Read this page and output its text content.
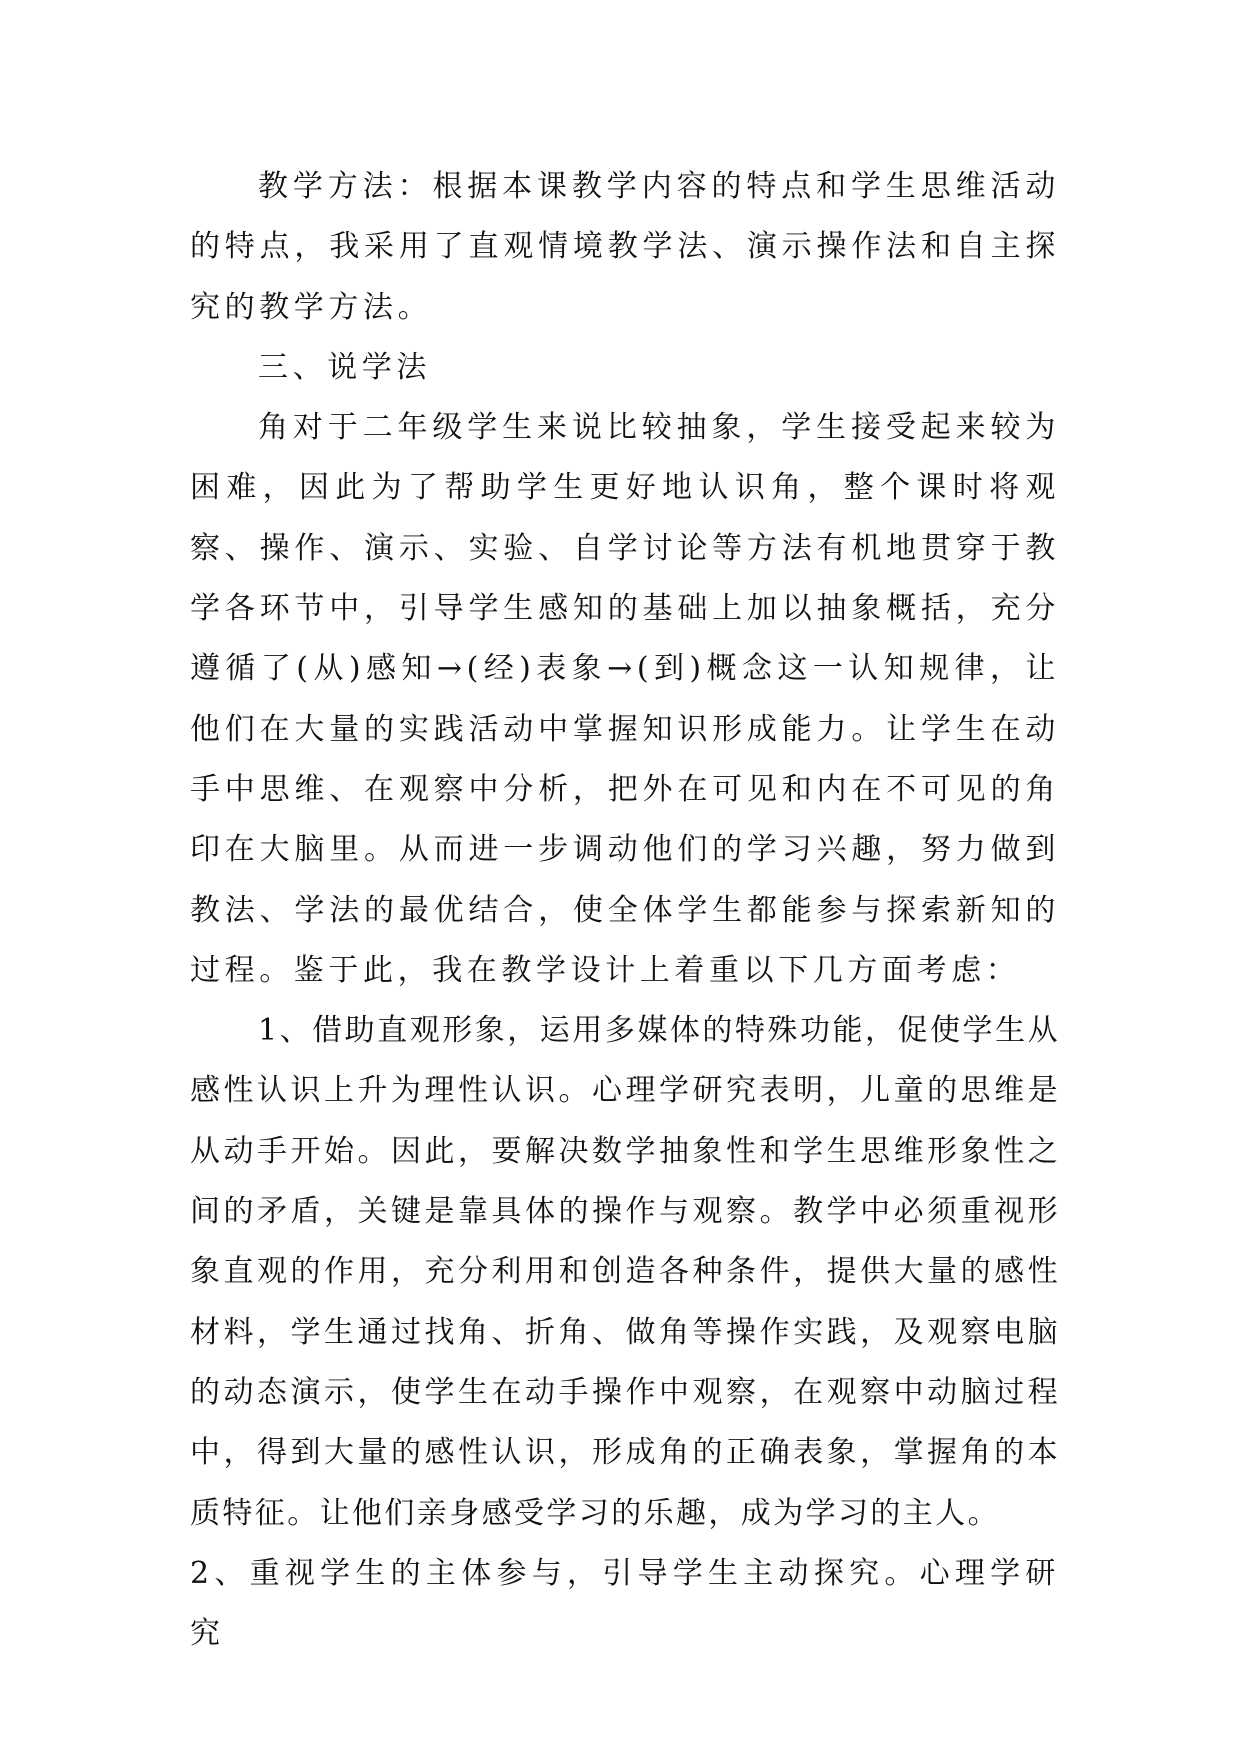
教学方法：根据本课教学内容的特点和学生思维活动的特点，我采用了直观情境教学法、演示操作法和自主探究的教学方法。

三、说学法

角对于二年级学生来说比较抽象，学生接受起来较为困难，因此为了帮助学生更好地认识角，整个课时将观察、操作、演示、实验、自学讨论等方法有机地贯穿于教学各环节中，引导学生感知的基础上加以抽象概括，充分遵循了(从)感知→(经)表象→(到)概念这一认知规律，让他们在大量的实践活动中掌握知识形成能力。让学生在动手中思维、在观察中分析，把外在可见和内在不可见的角印在大脑里。从而进一步调动他们的学习兴趣，努力做到教法、学法的最优结合，使全体学生都能参与探索新知的过程。鉴于此，我在教学设计上着重以下几方面考虑：

1、借助直观形象，运用多媒体的特殊功能，促使学生从感性认识上升为理性认识。心理学研究表明，儿童的思维是从动手开始。因此，要解决数学抽象性和学生思维形象性之间的矛盾，关键是靠具体的操作与观察。教学中必须重视形象直观的作用，充分利用和创造各种条件，提供大量的感性材料，学生通过找角、折角、做角等操作实践，及观察电脑的动态演示，使学生在动手操作中观察，在观察中动脑过程中，得到大量的感性认识，形成角的正确表象，掌握角的本质特征。让他们亲身感受学习的乐趣，成为学习的主人。

2、重视学生的主体参与，引导学生主动探究。心理学研究
